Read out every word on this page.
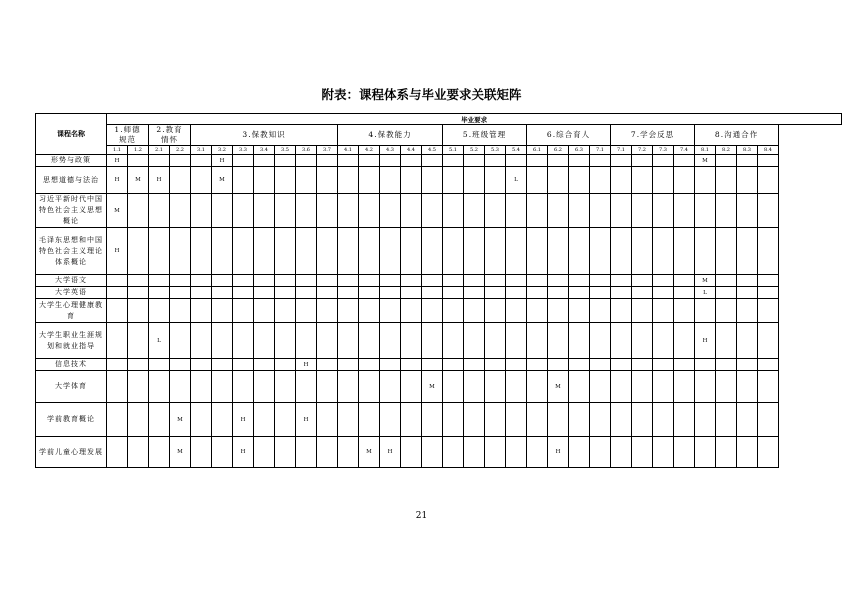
附表：课程体系与毕业要求关联矩阵
课程名称	毕业要求																															
	1.师德规范		2.教育情怀		3.保教知识							4.保教能力					5.班级管理				6.综合育人				7.学会反思				8.沟通合作			
	1.1	1.2	2.1	2.2	3.1	3.2	3.3	3.4	3.5	3.6	3.7	4.1	4.2	4.3	4.4	4.5	5.1	5.2	5.3	5.4	6.1	6.2	6.3	7.1	7.1	7.2	7.3	7.4	8.1	8.2	8.3	8.4
形势与政策	H					H																							M			
思想道德与法治	H	M	H			M														L												
习近平新时代中国特色社会主义思想概论	M																															
毛泽东思想和中国特色社会主义理论体系概论	H																															
大学语文																													M			
大学英语																													L			
大学生心理健康教育																																
大学生职业生涯规划和就业指导			L																										H			
信息技术										H																						
大学体育																M						M										
学前教育概论				M			H			H																						
学前儿童心理发展				M			H						M	H								H										
21
